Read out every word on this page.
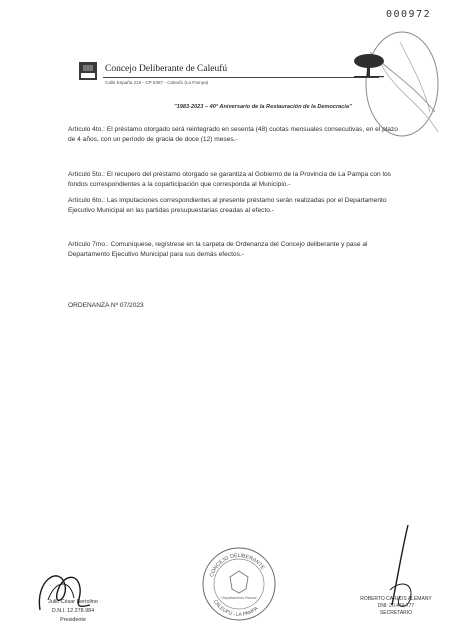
000972
Concejo Deliberante de Caleufú
Calle España 216 - CP 6387 - Caleufú (La Pampa)
"1983-2023 – 40° Aniversario de la Restauración de la Democracia"
Artículo 4to.: El préstamo otorgado será reintegrado en sesenta (48) cuotas mensuales consecutivas, en el plazo de 4 años, con un período de gracia de doce (12) meses.-
Artículo 5to.: El recupero del préstamo otorgado se garantiza al Gobierno de la Provincia de La Pampa con los fondos correspondientes a la coparticipación que corresponda al Municipio.-
Artículo 6to.: Las imputaciones correspondientes al presente préstamo serán realizadas por el Departamento Ejecutivo Municipal en las partidas presupuestarias creadas al efecto.-
Artículo 7mo.: Comuníquese, regístrese en la carpeta de Ordenanza del Concejo deliberante y pase al Departamento Ejecutivo Municipal para sus demás efectos.-
ORDENANZA Nº 07/2023
Julio César Bertolino
D.N.I. 12.278.984
Presidente
CONCEJO DELIBERANTE
CALEUFÚ - LA PAMPA
Departamento Rancul	ROBERTO CARLOS ALEMANY
DNI: 20.474.777
SECRETARIO
